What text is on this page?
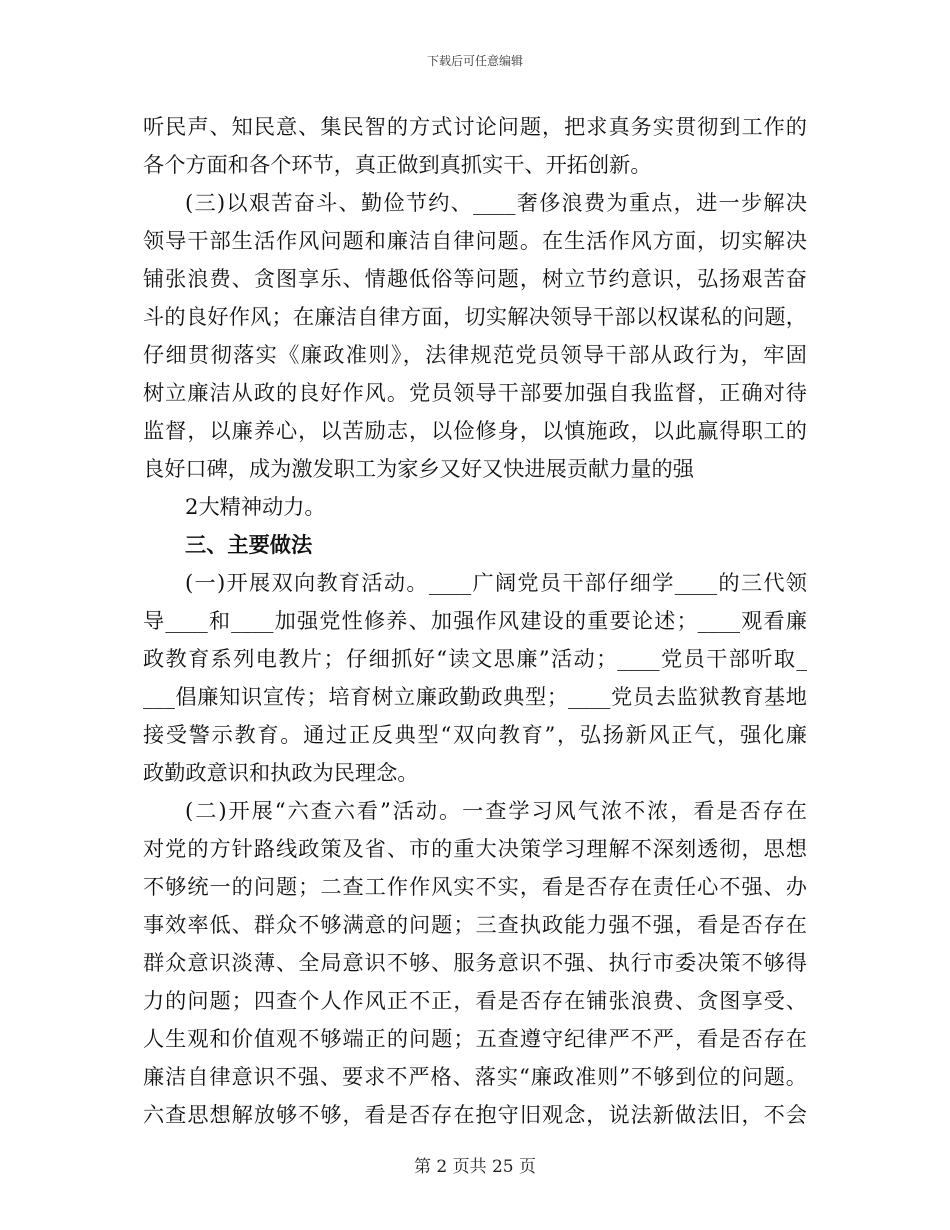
下载后可任意编辑
听民声、知民意、集民智的方式讨论问题，把求真务实贯彻到工作的
各个方面和各个环节，真正做到真抓实干、开拓创新。
(三)以艰苦奋斗、勤俭节约、____奢侈浪费为重点，进一步解决
领导干部生活作风问题和廉洁自律问题。在生活作风方面，切实解决
铺张浪费、贪图享乐、情趣低俗等问题，树立节约意识，弘扬艰苦奋
斗的良好作风；在廉洁自律方面，切实解决领导干部以权谋私的问题，
仔细贯彻落实《廉政准则》，法律规范党员领导干部从政行为，牢固
树立廉洁从政的良好作风。党员领导干部要加强自我监督，正确对待
监督，以廉养心，以苦励志，以俭修身，以慎施政，以此赢得职工的
良好口碑，成为激发职工为家乡又好又快进展贡献力量的强
2大精神动力。
三、主要做法
(一)开展双向教育活动。____广阔党员干部仔细学____的三代领
导____和____加强党性修养、加强作风建设的重要论述；____观看廉
政教育系列电教片；仔细抓好“读文思廉”活动；____党员干部听取_
___倡廉知识宣传；培育树立廉政勤政典型；____党员去监狱教育基地
接受警示教育。通过正反典型“双向教育”，弘扬新风正气，强化廉
政勤政意识和执政为民理念。
(二)开展“六查六看”活动。一查学习风气浓不浓，看是否存在
对党的方针路线政策及省、市的重大决策学习理解不深刻透彻，思想
不够统一的问题；二查工作作风实不实，看是否存在责任心不强、办
事效率低、群众不够满意的问题；三查执政能力强不强，看是否存在
群众意识淡薄、全局意识不够、服务意识不强、执行市委决策不够得
力的问题；四查个人作风正不正，看是否存在铺张浪费、贪图享受、
人生观和价值观不够端正的问题；五查遵守纪律严不严，看是否存在
廉洁自律意识不强、要求不严格、落实“廉政准则”不够到位的问题。
六查思想解放够不够，看是否存在抱守旧观念，说法新做法旧，不会
第 2 页共 25 页
